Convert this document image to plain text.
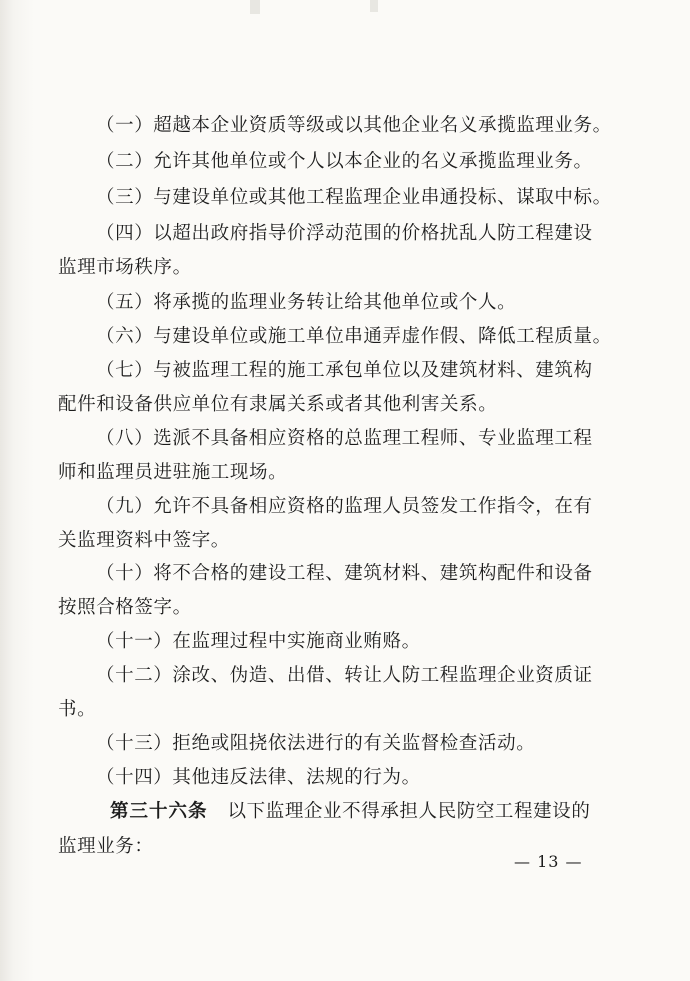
（一）超越本企业资质等级或以其他企业名义承揽监理业务。
（二）允许其他单位或个人以本企业的名义承揽监理业务。
（三）与建设单位或其他工程监理企业串通投标、谋取中标。
（四）以超出政府指导价浮动范围的价格扰乱人防工程建设
监理市场秩序。
（五）将承揽的监理业务转让给其他单位或个人。
（六）与建设单位或施工单位串通弄虚作假、降低工程质量。
（七）与被监理工程的施工承包单位以及建筑材料、建筑构
配件和设备供应单位有隶属关系或者其他利害关系。
（八）选派不具备相应资格的总监理工程师、专业监理工程
师和监理员进驻施工现场。
（九）允许不具备相应资格的监理人员签发工作指令，在有
关监理资料中签字。
（十）将不合格的建设工程、建筑材料、建筑构配件和设备
按照合格签字。
（十一）在监理过程中实施商业贿赂。
（十二）涂改、伪造、出借、转让人防工程监理企业资质证
书。
（十三）拒绝或阻挠依法进行的有关监督检查活动。
（十四）其他违反法律、法规的行为。
第三十六条 以下监理企业不得承担人民防空工程建设的
监理业务：
— 13 —
